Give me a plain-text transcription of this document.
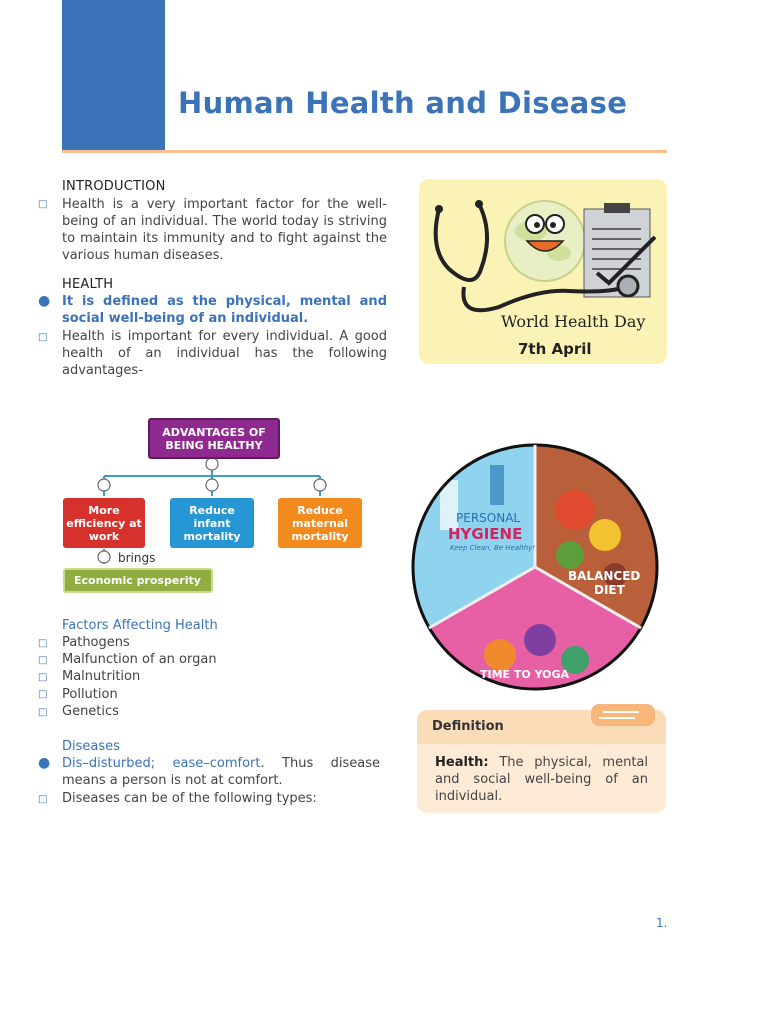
Human Health and Disease
INTRODUCTION
□ Health is a very important factor for the well-being of an individual. The world today is striving to maintain its immunity and to fight against the various human diseases.
HEALTH
● It is defined as the physical, mental and social well-being of an individual.
□ Health is important for every individual. A good health of an individual has the following advantages-
World Health Day
7th April
ADVANTAGES OF BEING HEALTHY
More efficiency at work
Reduce infant mortality
Reduce maternal mortality
brings
Economic prosperity
PERSONAL
HYGIENE
Keep Clean, Be Healthy!
BALANCED
DIET
TIME TO YOGA
Factors Affecting Health
□ Pathogens
□ Malfunction of an organ
□ Malnutrition
□ Pollution
□ Genetics
Diseases
● Dis–disturbed; ease–comfort. Thus disease means a person is not at comfort.
□ Diseases can be of the following types:
Definition
Health: The physical, mental and social well-being of an individual.
1.
